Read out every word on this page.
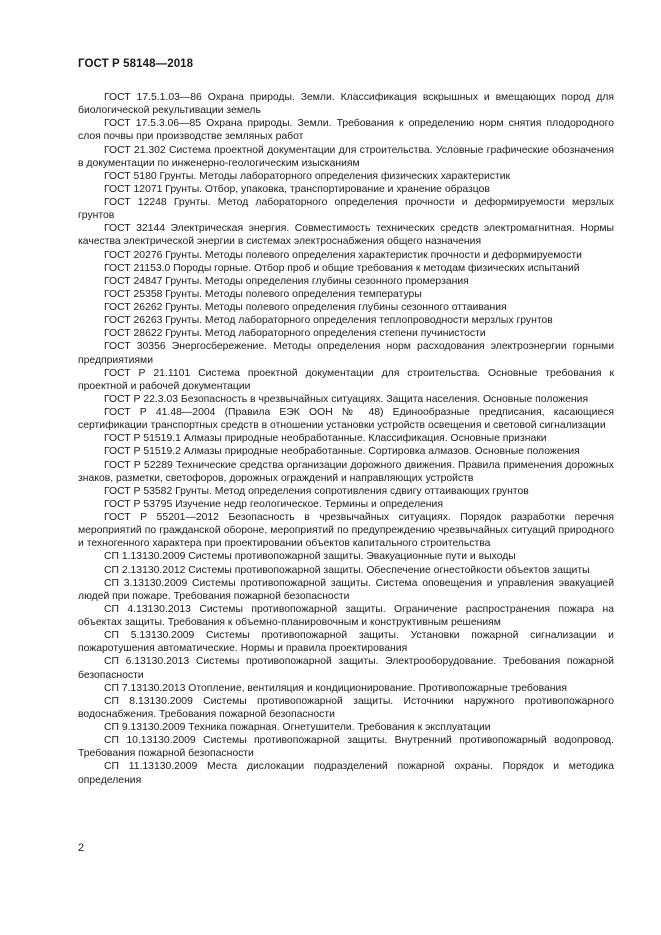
ГОСТ Р 58148—2018
ГОСТ 17.5.1.03—86 Охрана природы. Земли. Классификация вскрышных и вмещающих пород для биологической рекультивации земель
ГОСТ 17.5.3.06—85 Охрана природы. Земли. Требования к определению норм снятия плодородного слоя почвы при производстве земляных работ
ГОСТ 21.302 Система проектной документации для строительства. Условные графические обозначения в документации по инженерно-геологическим изысканиям
ГОСТ 5180 Грунты. Методы лабораторного определения физических характеристик
ГОСТ 12071 Грунты. Отбор, упаковка, транспортирование и хранение образцов
ГОСТ 12248 Грунты. Метод лабораторного определения прочности и деформируемости мерзлых грунтов
ГОСТ 32144 Электрическая энергия. Совместимость технических средств электромагнитная. Нормы качества электрической энергии в системах электроснабжения общего назначения
ГОСТ 20276 Грунты. Методы полевого определения характеристик прочности и деформируемости
ГОСТ 21153.0 Породы горные. Отбор проб и общие требования к методам физических испытаний
ГОСТ 24847 Грунты. Методы определения глубины сезонного промерзания
ГОСТ 25358 Грунты. Методы полевого определения температуры
ГОСТ 26262 Грунты. Методы полевого определения глубины сезонного оттаивания
ГОСТ 26263 Грунты. Метод лабораторного определения теплопроводности мерзлых грунтов
ГОСТ 28622 Грунты. Метод лабораторного определения степени пучинистости
ГОСТ 30356 Энергосбережение. Методы определения норм расходования электроэнергии горными предприятиями
ГОСТ Р 21.1101 Система проектной документации для строительства. Основные требования к проектной и рабочей документации
ГОСТ Р 22.3.03 Безопасность в чрезвычайных ситуациях. Защита населения. Основные положения
ГОСТ Р 41.48—2004 (Правила ЕЭК ООН № 48) Единообразные предписания, касающиеся сертификации транспортных средств в отношении установки устройств освещения и световой сигнализации
ГОСТ Р 51519.1 Алмазы природные необработанные. Классификация. Основные признаки
ГОСТ Р 51519.2 Алмазы природные необработанные. Сортировка алмазов. Основные положения
ГОСТ Р 52289 Технические средства организации дорожного движения. Правила применения дорожных знаков, разметки, светофоров, дорожных ограждений и направляющих устройств
ГОСТ Р 53582 Грунты. Метод определения сопротивления сдвигу оттаивающих грунтов
ГОСТ Р 53795 Изучение недр геологическое. Термины и определения
ГОСТ Р 55201—2012 Безопасность в чрезвычайных ситуациях. Порядок разработки перечня мероприятий по гражданской обороне, мероприятий по предупреждению чрезвычайных ситуаций природного и техногенного характера при проектировании объектов капитального строительства
СП 1.13130.2009 Системы противопожарной защиты. Эвакуационные пути и выходы
СП 2.13130.2012 Системы противопожарной защиты. Обеспечение огнестойкости объектов защиты
СП 3.13130.2009 Системы противопожарной защиты. Система оповещения и управления эвакуацией людей при пожаре. Требования пожарной безопасности
СП 4.13130.2013 Системы противопожарной защиты. Ограничение распространения пожара на объектах защиты. Требования к объемно-планировочным и конструктивным решениям
СП 5.13130.2009 Системы противопожарной защиты. Установки пожарной сигнализации и пожаротушения автоматические. Нормы и правила проектирования
СП 6.13130.2013 Системы противопожарной защиты. Электрооборудование. Требования пожарной безопасности
СП 7.13130.2013 Отопление, вентиляция и кондиционирование. Противопожарные требования
СП 8.13130.2009 Системы противопожарной защиты. Источники наружного противопожарного водоснабжения. Требования пожарной безопасности
СП 9.13130.2009 Техника пожарная. Огнетушители. Требования к эксплуатации
СП 10.13130.2009 Системы противопожарной защиты. Внутренний противопожарный водопровод. Требования пожарной безопасности
СП 11.13130.2009 Места дислокации подразделений пожарной охраны. Порядок и методика определения
2
